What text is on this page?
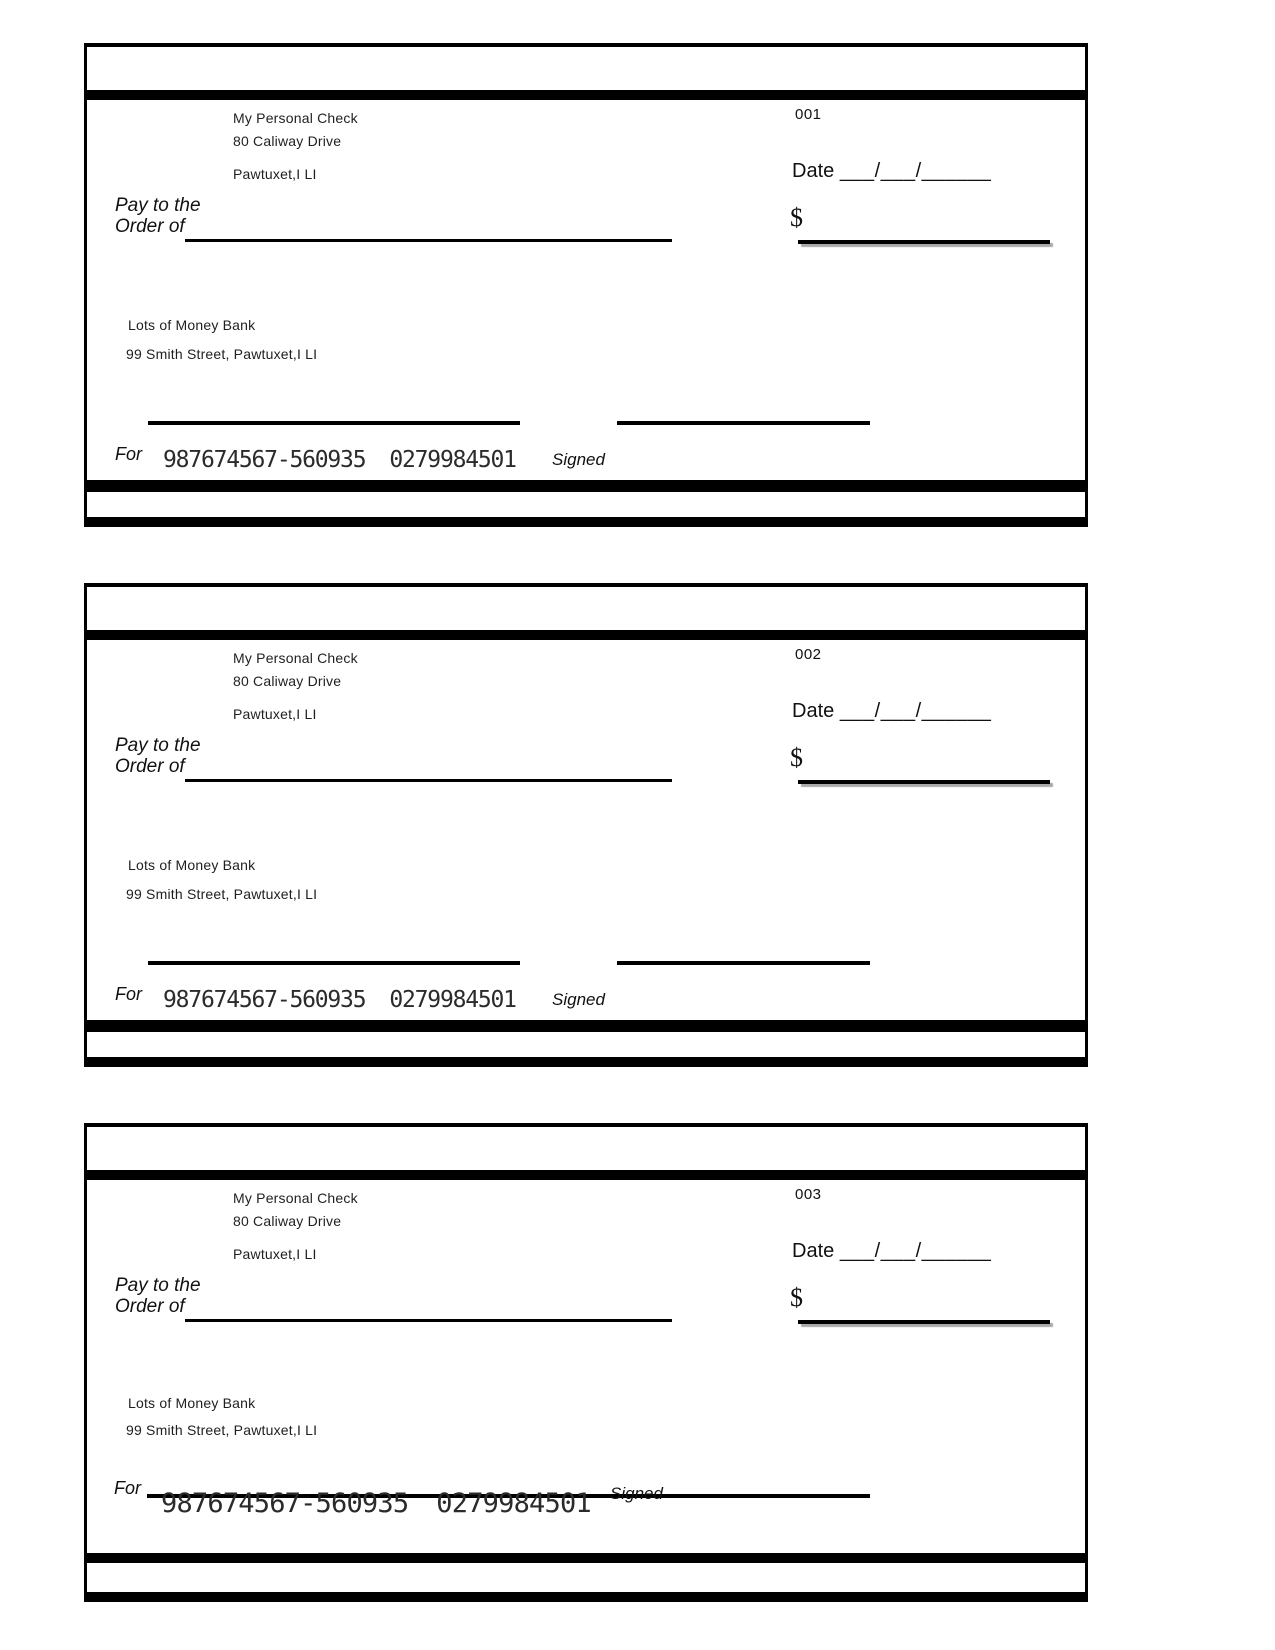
My Personal Check
80 Caliway Drive
Pawtuxet,I LI
001
Date ___/___/______
Pay to the
Order of	$
Lots of Money Bank
99 Smith Street, Pawtuxet,I LI
For 987674567-560935 0279984501 Signed
My Personal Check
80 Caliway Drive
Pawtuxet,I LI
002
Date ___/___/______
Pay to the
Order of	$
Lots of Money Bank
99 Smith Street, Pawtuxet,I LI
For 987674567-560935 0279984501 Signed
My Personal Check
80 Caliway Drive
Pawtuxet,I LI
003
Date ___/___/______
Pay to the
Order of	$
Lots of Money Bank
99 Smith Street, Pawtuxet,I LI
For 987674567-560935 0279984501 Signed
